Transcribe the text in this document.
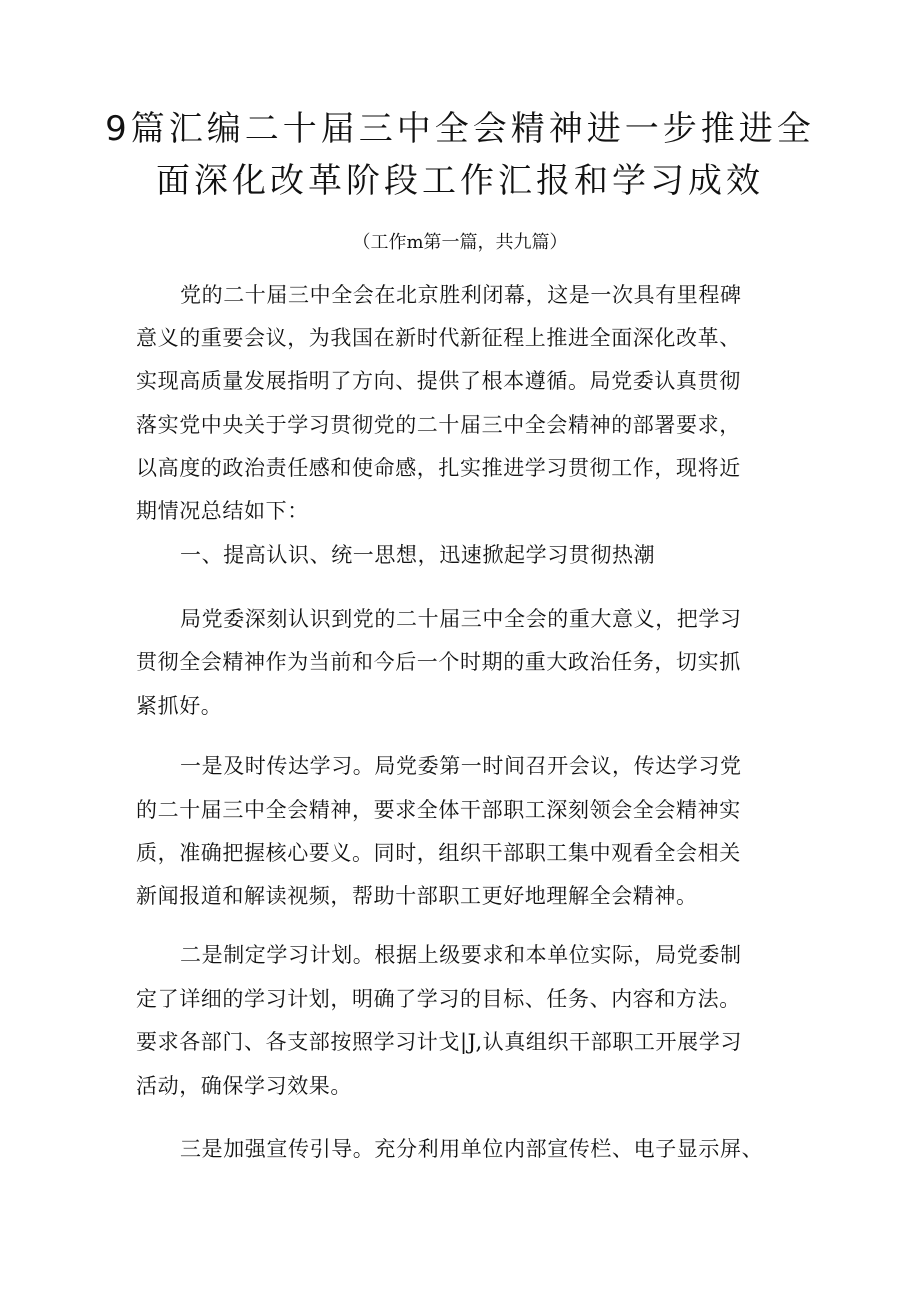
9篇汇编二十届三中全会精神进一步推进全
面深化改革阶段工作汇报和学习成效
（工作m第一篇，共九篇）
党的二十届三中全会在北京胜利闭幕，这是一次具有里程碑
意义的重要会议，为我国在新时代新征程上推进全面深化改革、
实现高质量发展指明了方向、提供了根本遵循。局党委认真贯彻
落实党中央关于学习贯彻党的二十届三中全会精神的部署要求，
以高度的政治责任感和使命感，扎实推进学习贯彻工作，现将近
期情况总结如下：
一、提高认识、统一思想，迅速掀起学习贯彻热潮
局党委深刻认识到党的二十届三中全会的重大意义，把学习
贯彻全会精神作为当前和今后一个时期的重大政治任务，切实抓
紧抓好。
一是及时传达学习。局党委第一时间召开会议，传达学习党
的二十届三中全会精神，要求全体干部职工深刻领会全会精神实
质，准确把握核心要义。同时，组织干部职工集中观看全会相关
新闻报道和解读视频，帮助十部职工更好地理解全会精神。
二是制定学习计划。根据上级要求和本单位实际，局党委制
定了详细的学习计划，明确了学习的目标、任务、内容和方法。
要求各部门、各支部按照学习计戈|J,认真组织干部职工开展学习
活动，确保学习效果。
三是加强宣传引导。充分利用单位内部宣传栏、电子显示屏、
